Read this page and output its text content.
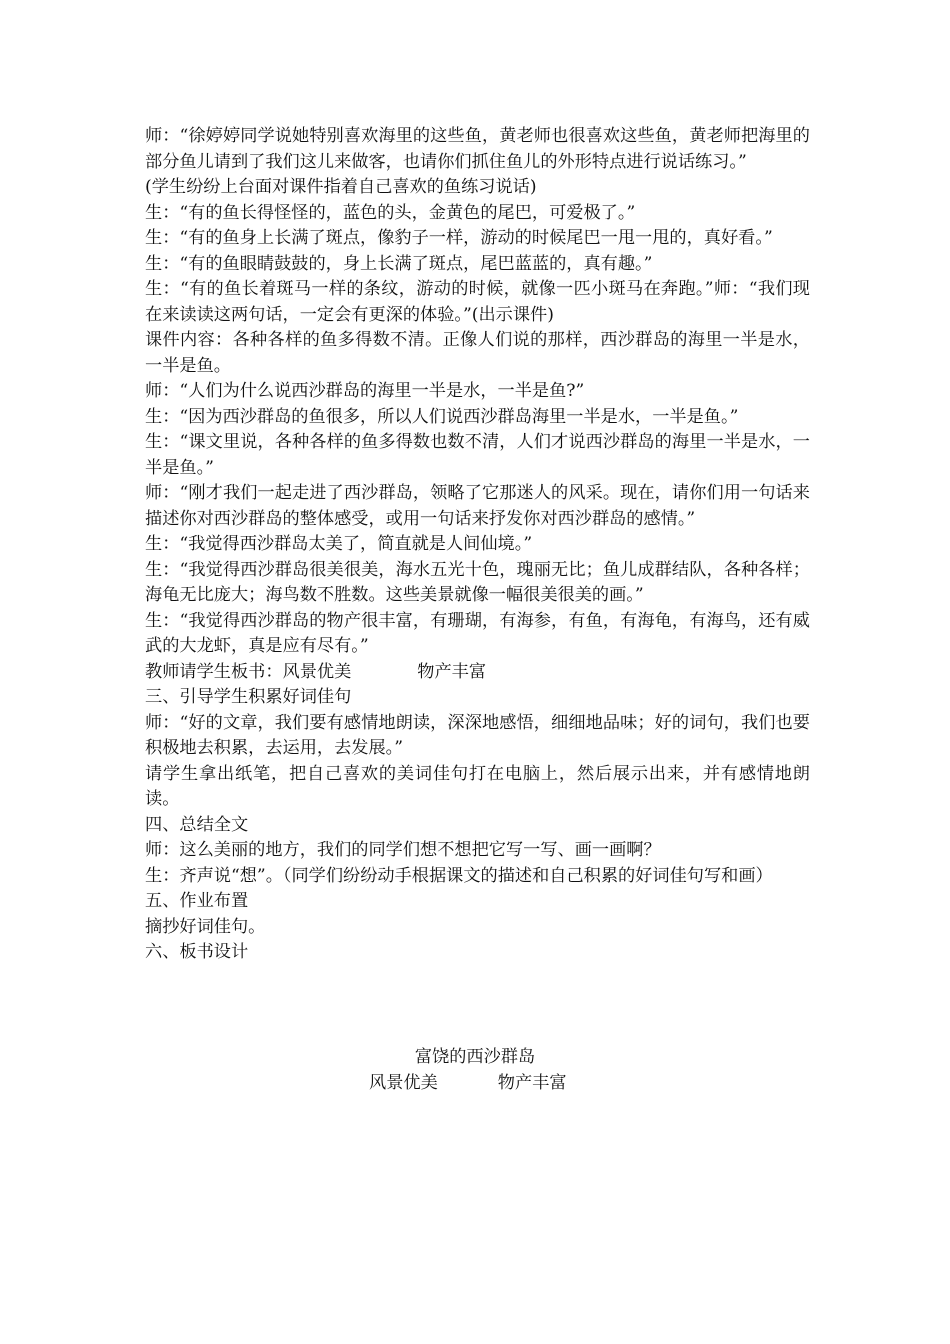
师：“徐婷婷同学说她特别喜欢海里的这些鱼，黄老师也很喜欢这些鱼，黄老师把海里的部分鱼儿请到了我们这儿来做客，也请你们抓住鱼儿的外形特点进行说话练习。”

(学生纷纷上台面对课件指着自己喜欢的鱼练习说话)

生：“有的鱼长得怪怪的，蓝色的头，金黄色的尾巴，可爱极了。”

生：“有的鱼身上长满了斑点，像豹子一样，游动的时候尾巴一甩一甩的，真好看。”

生：“有的鱼眼睛鼓鼓的，身上长满了斑点，尾巴蓝蓝的，真有趣。”

生：“有的鱼长着斑马一样的条纹，游动的时候，就像一匹小斑马在奔跑。”师：“我们现在来读读这两句话，一定会有更深的体验。”(出示课件)

课件内容：各种各样的鱼多得数不清。正像人们说的那样，西沙群岛的海里一半是水，一半是鱼。

师：“人们为什么说西沙群岛的海里一半是水，一半是鱼?”

生：“因为西沙群岛的鱼很多，所以人们说西沙群岛海里一半是水，一半是鱼。”

生：“课文里说，各种各样的鱼多得数也数不清，人们才说西沙群岛的海里一半是水，一半是鱼。”

师：“刚才我们一起走进了西沙群岛，领略了它那迷人的风采。现在，请你们用一句话来描述你对西沙群岛的整体感受，或用一句话来抒发你对西沙群岛的感情。”

生：“我觉得西沙群岛太美了，简直就是人间仙境。”

生：“我觉得西沙群岛很美很美，海水五光十色，瑰丽无比；鱼儿成群结队，各种各样；海龟无比庞大；海鸟数不胜数。这些美景就像一幅很美很美的画。”

生：“我觉得西沙群岛的物产很丰富，有珊瑚，有海参，有鱼，有海龟，有海鸟，还有威武的大龙虾，真是应有尽有。”

教师请学生板书：风景优美	物产丰富

三、引导学生积累好词佳句

师：“好的文章，我们要有感情地朗读，深深地感悟，细细地品味；好的词句，我们也要积极地去积累，去运用，去发展。”

请学生拿出纸笔，把自己喜欢的美词佳句打在电脑上，然后展示出来，并有感情地朗读。

四、总结全文

师：这么美丽的地方，我们的同学们想不想把它写一写、画一画啊？

生：齐声说“想”。（同学们纷纷动手根据课文的描述和自己积累的好词佳句写和画）

五、作业布置

摘抄好词佳句。

六、板书设计

富饶的西沙群岛
风景优美	物产丰富
